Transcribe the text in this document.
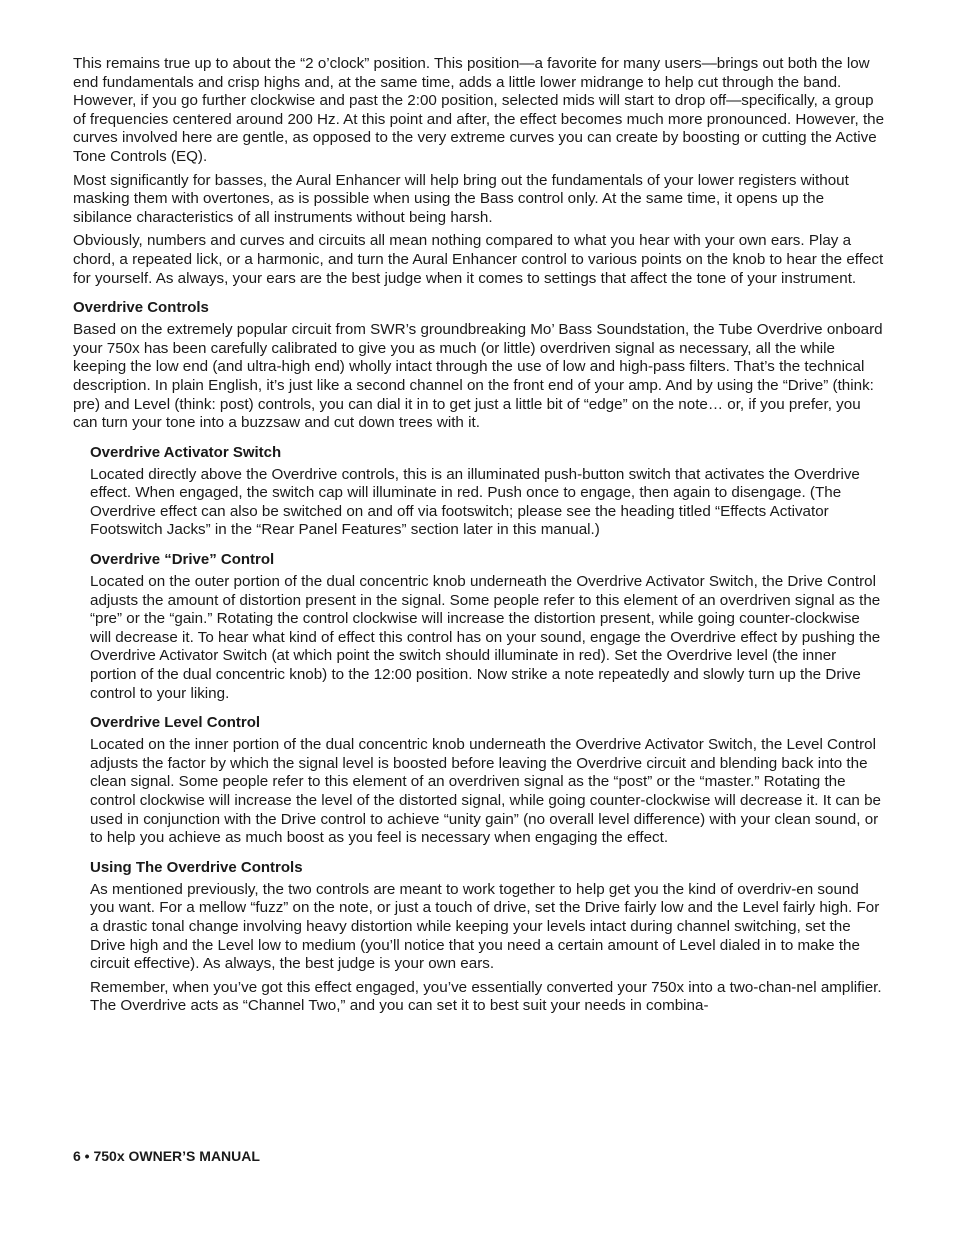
This remains true up to about the “2 o’clock” position. This position—a favorite for many users—brings out both the low end fundamentals and crisp highs and, at the same time, adds a little lower midrange to help cut through the band. However, if you go further clockwise and past the 2:00 position, selected mids will start to drop off—specifically, a group of frequencies centered around 200 Hz. At this point and after, the effect becomes much more pronounced. However, the curves involved here are gentle, as opposed to the very extreme curves you can create by boosting or cutting the Active Tone Controls (EQ).

Most significantly for basses, the Aural Enhancer will help bring out the fundamentals of your lower registers without masking them with overtones, as is possible when using the Bass control only. At the same time, it opens up the sibilance characteristics of all instruments without being harsh.

Obviously, numbers and curves and circuits all mean nothing compared to what you hear with your own ears. Play a chord, a repeated lick, or a harmonic, and turn the Aural Enhancer control to various points on the knob to hear the effect for yourself. As always, your ears are the best judge when it comes to settings that affect the tone of your instrument.

Overdrive Controls

Based on the extremely popular circuit from SWR’s groundbreaking Mo’ Bass Soundstation, the Tube Overdrive onboard your 750x has been carefully calibrated to give you as much (or little) overdriven signal as necessary, all the while keeping the low end (and ultra-high end) wholly intact through the use of low and high-pass filters. That’s the technical description. In plain English, it’s just like a second channel on the front end of your amp. And by using the “Drive” (think: pre) and Level (think: post) controls, you can dial it in to get just a little bit of “edge” on the note… or, if you prefer, you can turn your tone into a buzzsaw and cut down trees with it.

Overdrive Activator Switch

Located directly above the Overdrive controls, this is an illuminated push-button switch that activates the Overdrive effect. When engaged, the switch cap will illuminate in red. Push once to engage, then again to disengage. (The Overdrive effect can also be switched on and off via footswitch; please see the heading titled “Effects Activator Footswitch Jacks” in the “Rear Panel Features” section later in this manual.)

Overdrive “Drive” Control

Located on the outer portion of the dual concentric knob underneath the Overdrive Activator Switch, the Drive Control adjusts the amount of distortion present in the signal. Some people refer to this element of an overdriven signal as the “pre” or the “gain.” Rotating the control clockwise will increase the distortion present, while going counter-clockwise will decrease it. To hear what kind of effect this control has on your sound, engage the Overdrive effect by pushing the Overdrive Activator Switch (at which point the switch should illuminate in red). Set the Overdrive level (the inner portion of the dual concentric knob) to the 12:00 position. Now strike a note repeatedly and slowly turn up the Drive control to your liking.

Overdrive Level Control

Located on the inner portion of the dual concentric knob underneath the Overdrive Activator Switch, the Level Control adjusts the factor by which the signal level is boosted before leaving the Overdrive circuit and blending back into the clean signal. Some people refer to this element of an overdriven signal as the “post” or the “master.” Rotating the control clockwise will increase the level of the distorted signal, while going counter-clockwise will decrease it. It can be used in conjunction with the Drive control to achieve “unity gain” (no overall level difference) with your clean sound, or to help you achieve as much boost as you feel is necessary when engaging the effect.

Using The Overdrive Controls

As mentioned previously, the two controls are meant to work together to help get you the kind of overdriv-en sound you want. For a mellow “fuzz” on the note, or just a touch of drive, set the Drive fairly low and the Level fairly high. For a drastic tonal change involving heavy distortion while keeping your levels intact during channel switching, set the Drive high and the Level low to medium (you’ll notice that you need a certain amount of Level dialed in to make the circuit effective). As always, the best judge is your own ears.

Remember, when you’ve got this effect engaged, you’ve essentially converted your 750x into a two-chan-nel amplifier. The Overdrive acts as “Channel Two,” and you can set it to best suit your needs in combina-

6 • 750x OWNER’S MANUAL
